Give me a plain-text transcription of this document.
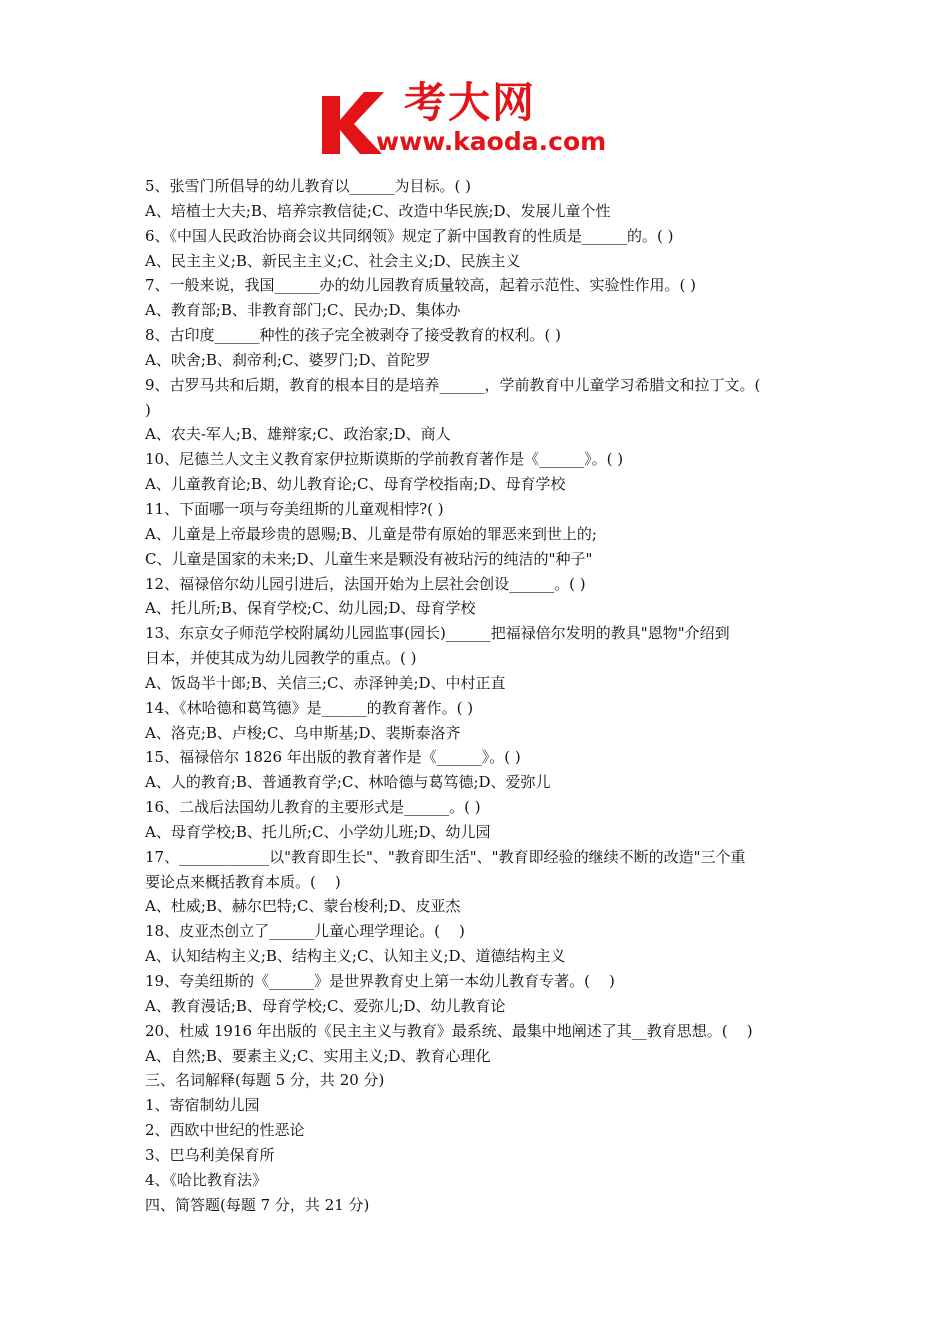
考大网
www.kaoda.com
5、张雪门所倡导的幼儿教育以______为目标。( )
A、培植士大夫;B、培养宗教信徒;C、改造中华民族;D、发展儿童个性
6、《中国人民政治协商会议共同纲领》规定了新中国教育的性质是______的。( )
A、民主主义;B、新民主主义;C、社会主义;D、民族主义
7、一般来说，我国______办的幼儿园教育质量较高，起着示范性、实验性作用。( )
A、教育部;B、非教育部门;C、民办;D、集体办
8、古印度______种性的孩子完全被剥夺了接受教育的权利。( )
A、吠舍;B、刹帝利;C、婆罗门;D、首陀罗
9、古罗马共和后期，教育的根本目的是培养______，学前教育中儿童学习希腊文和拉丁文。(
)
A、农夫-军人;B、雄辩家;C、政治家;D、商人
10、尼德兰人文主义教育家伊拉斯谟斯的学前教育著作是《______》。( )
A、儿童教育论;B、幼儿教育论;C、母育学校指南;D、母育学校
11、下面哪一项与夸美纽斯的儿童观相悖?( )
A、儿童是上帝最珍贵的恩赐;B、儿童是带有原始的罪恶来到世上的;
C、儿童是国家的未来;D、儿童生来是颗没有被玷污的纯洁的"种子"
12、福禄倍尔幼儿园引进后，法国开始为上层社会创设______。( )
A、托儿所;B、保育学校;C、幼儿园;D、母育学校
13、东京女子师范学校附属幼儿园监事(园长)______把福禄倍尔发明的教具"恩物"介绍到
日本，并使其成为幼儿园教学的重点。( )
A、饭岛半十郎;B、关信三;C、赤泽钟美;D、中村正直
14、《林哈德和葛笃德》是______的教育著作。( )
A、洛克;B、卢梭;C、乌申斯基;D、裴斯泰洛齐
15、福禄倍尔 1826 年出版的教育著作是《______》。( )
A、人的教育;B、普通教育学;C、林哈德与葛笃德;D、爱弥儿
16、二战后法国幼儿教育的主要形式是______。( )
A、母育学校;B、托儿所;C、小学幼儿班;D、幼儿园
17、____________以"教育即生长"、"教育即生活"、"教育即经验的继续不断的改造"三个重
要论点来概括教育本质。(    )
A、杜威;B、赫尔巴特;C、蒙台梭利;D、皮亚杰
18、皮亚杰创立了______儿童心理学理论。(    )
A、认知结构主义;B、结构主义;C、认知主义;D、道德结构主义
19、夸美纽斯的《______》是世界教育史上第一本幼儿教育专著。(    )
A、教育漫话;B、母育学校;C、爱弥儿;D、幼儿教育论
20、杜威 1916 年出版的《民主主义与教育》最系统、最集中地阐述了其__教育思想。(    )
A、自然;B、要素主义;C、实用主义;D、教育心理化
三、名词解释(每题 5 分，共 20 分)
1、寄宿制幼儿园
2、西欧中世纪的性恶论
3、巴乌利美保育所
4、《哈比教育法》
四、简答题(每题 7 分，共 21 分)
